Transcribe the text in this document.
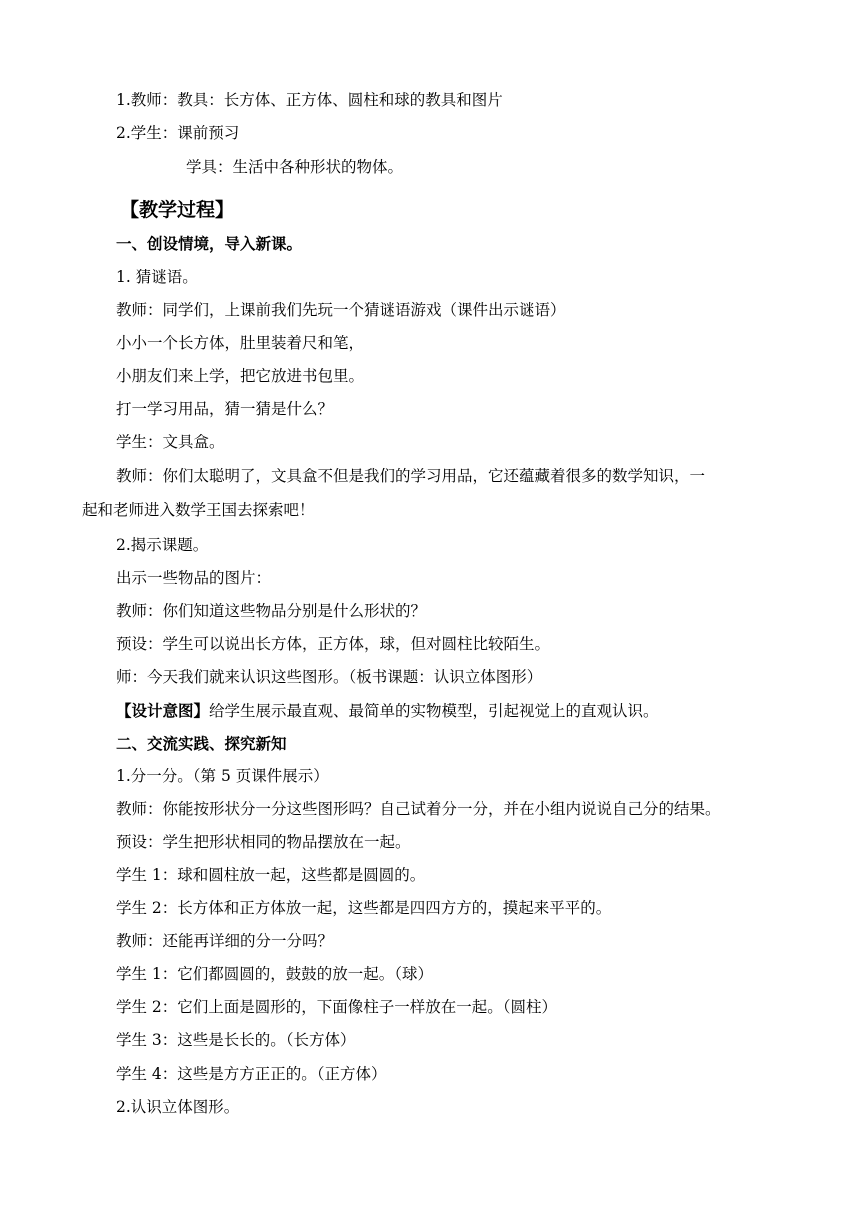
1.教师：教具：长方体、正方体、圆柱和球的教具和图片
2.学生：课前预习
学具：生活中各种形状的物体。
【教学过程】
一、创设情境，导入新课。
1. 猜谜语。
教师：同学们，上课前我们先玩一个猜谜语游戏（课件出示谜语）
小小一个长方体，肚里装着尺和笔，
小朋友们来上学，把它放进书包里。
打一学习用品，猜一猜是什么？
学生：文具盒。
教师：你们太聪明了，文具盒不但是我们的学习用品，它还蕴藏着很多的数学知识，一
起和老师进入数学王国去探索吧！
2.揭示课题。
出示一些物品的图片：
教师：你们知道这些物品分别是什么形状的？
预设：学生可以说出长方体，正方体，球，但对圆柱比较陌生。
师：今天我们就来认识这些图形。（板书课题：认识立体图形）
【设计意图】给学生展示最直观、最简单的实物模型，引起视觉上的直观认识。
二、交流实践、探究新知
1.分一分。（第 5 页课件展示）
教师：你能按形状分一分这些图形吗？自己试着分一分，并在小组内说说自己分的结果。
预设：学生把形状相同的物品摆放在一起。
学生 1：球和圆柱放一起，这些都是圆圆的。
学生 2：长方体和正方体放一起，这些都是四四方方的，摸起来平平的。
教师：还能再详细的分一分吗？
学生 1：它们都圆圆的，鼓鼓的放一起。（球）
学生 2：它们上面是圆形的，下面像柱子一样放在一起。（圆柱）
学生 3：这些是长长的。（长方体）
学生 4：这些是方方正正的。（正方体）
2.认识立体图形。
